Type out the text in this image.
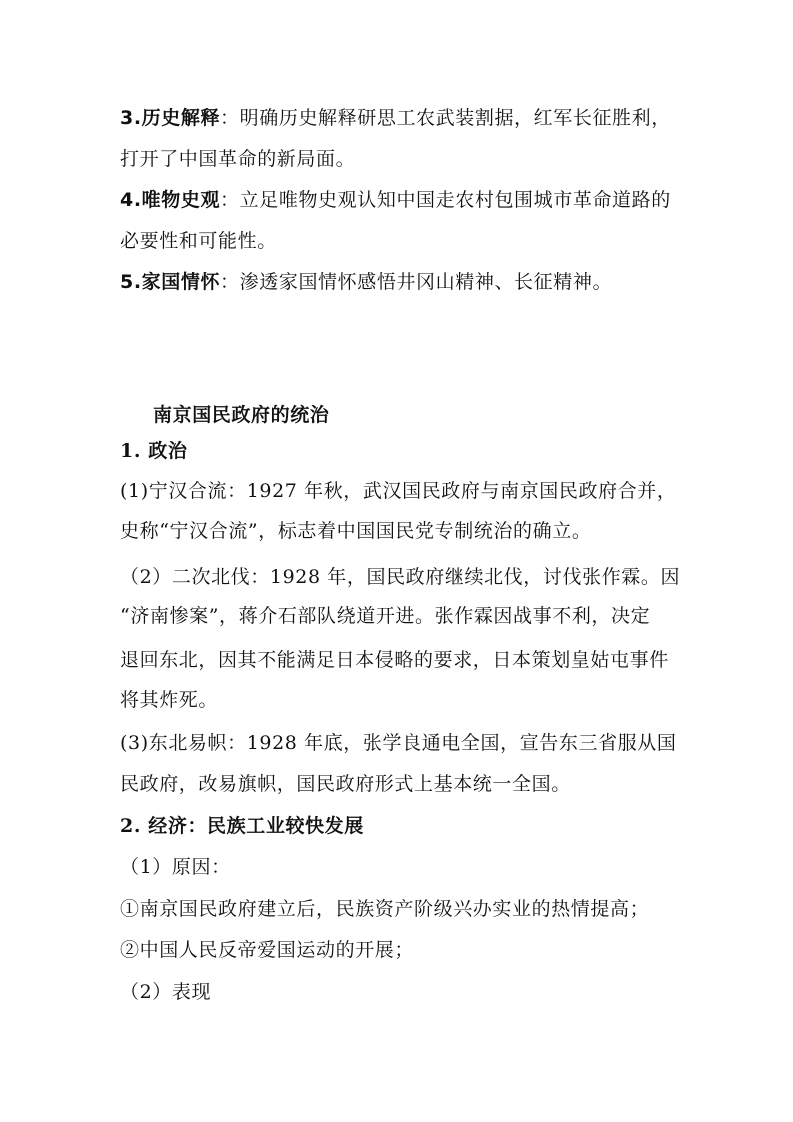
3.历史解释：明确历史解释研思工农武装割据，红军长征胜利，
打开了中国革命的新局面。
4.唯物史观：立足唯物史观认知中国走农村包围城市革命道路的
必要性和可能性。
5.家国情怀：渗透家国情怀感悟井冈山精神、长征精神。
南京国民政府的统治
1. 政治
(1)宁汉合流：1927 年秋，武汉国民政府与南京国民政府合并，
史称“宁汉合流”，标志着中国国民党专制统治的确立。
（2）二次北伐：1928 年，国民政府继续北伐，讨伐张作霖。因
“济南惨案”，蒋介石部队绕道开进。张作霖因战事不利，决定
退回东北，因其不能满足日本侵略的要求，日本策划皇姑屯事件
将其炸死。
(3)东北易帜：1928 年底，张学良通电全国，宣告东三省服从国
民政府，改易旗帜，国民政府形式上基本统一全国。
2. 经济：民族工业较快发展
（1）原因：
①南京国民政府建立后，民族资产阶级兴办实业的热情提高；
②中国人民反帝爱国运动的开展；
（2）表现
